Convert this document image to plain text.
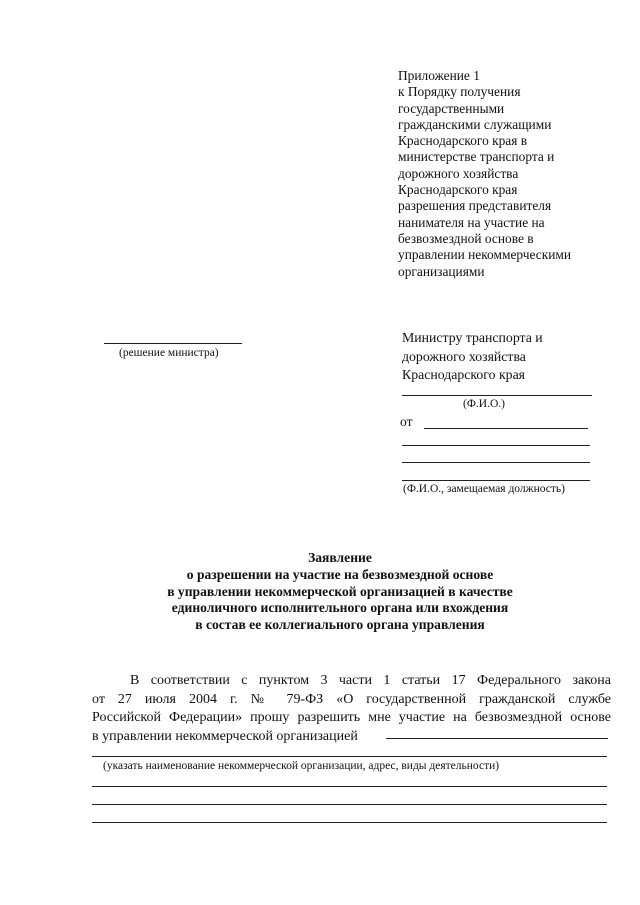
Приложение 1
к Порядку получения
государственными
гражданскими служащими
Краснодарского края в
министерстве транспорта и
дорожного хозяйства
Краснодарского края
разрешения представителя
нанимателя на участие на
безвозмездной основе в
управлении некоммерческими
организациями
(решение министра)
Министру транспорта и
дорожного хозяйства
Краснодарского края
(Ф.И.О.)
от
(Ф.И.О., замещаемая должность)
Заявление
о разрешении на участие на безвозмездной основе
в управлении некоммерческой организацией в качестве
единоличного исполнительного органа или вхождения
в состав ее коллегиального органа управления
В соответствии с пунктом 3 части 1 статьи 17 Федерального закона
от 27 июля 2004 г. № 79-ФЗ «О государственной гражданской службе
Российской Федерации» прошу разрешить мне участие на безвозмездной основе
в управлении некоммерческой организацией
(указать наименование некоммерческой организации, адрес, виды деятельности)
